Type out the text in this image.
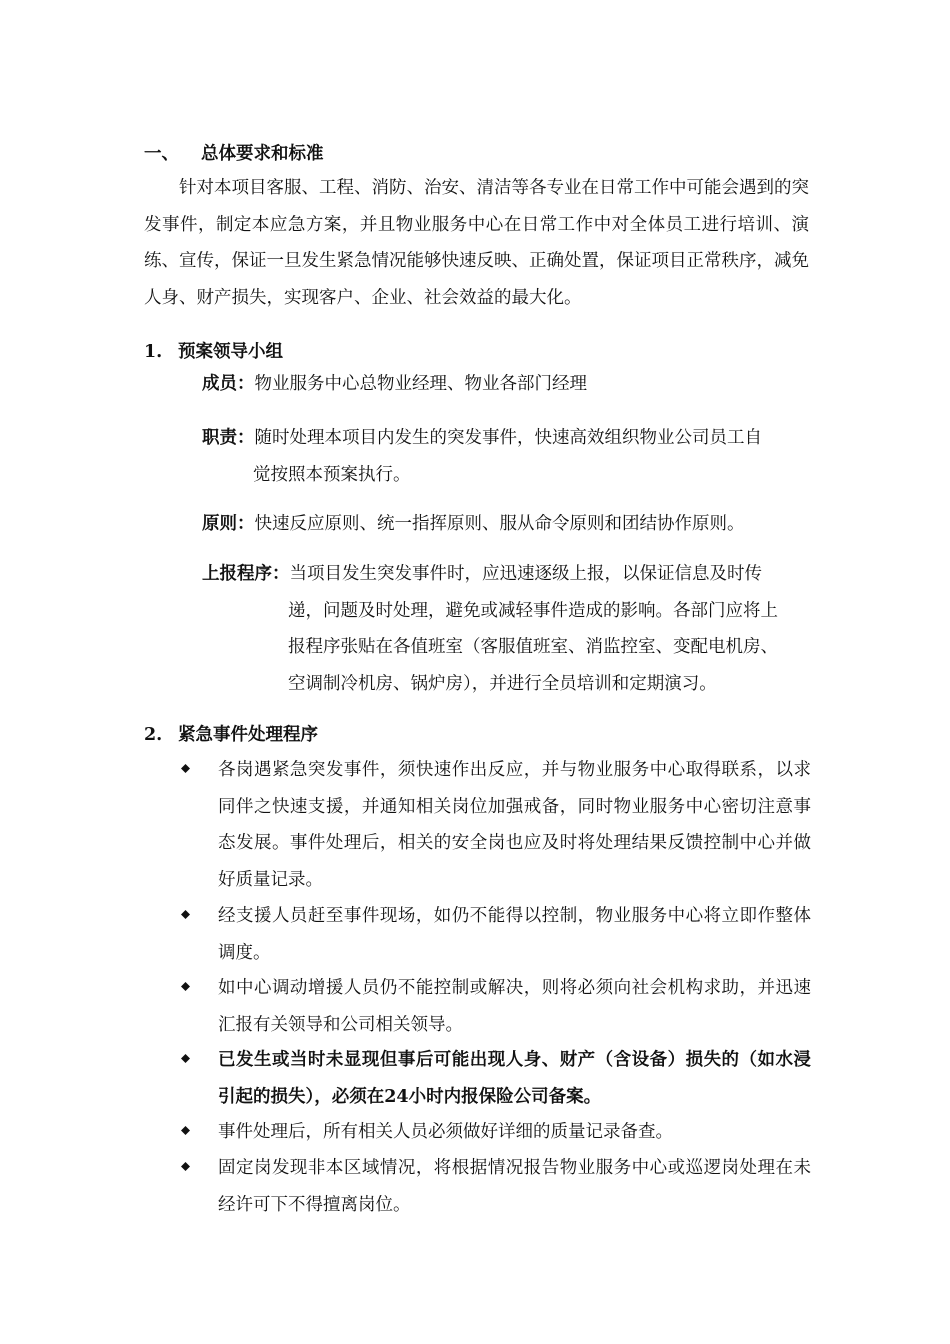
一、 总体要求和标准
针对本项目客服、工程、消防、治安、清洁等各专业在日常工作中可能会遇到的突发事件，制定本应急方案，并且物业服务中心在日常工作中对全体员工进行培训、演练、宣传，保证一旦发生紧急情况能够快速反映、正确处置，保证项目正常秩序，减免人身、财产损失，实现客户、企业、社会效益的最大化。
1. 预案领导小组
成员：物业服务中心总物业经理、物业各部门经理
职责：随时处理本项目内发生的突发事件，快速高效组织物业公司员工自
觉按照本预案执行。
原则：快速反应原则、统一指挥原则、服从命令原则和团结协作原则。
上报程序：当项目发生突发事件时，应迅速逐级上报，以保证信息及时传
递，问题及时处理，避免或减轻事件造成的影响。各部门应将上
报程序张贴在各值班室（客服值班室、消监控室、变配电机房、
空调制冷机房、锅炉房），并进行全员培训和定期演习。
2. 紧急事件处理程序
各岗遇紧急突发事件，须快速作出反应，并与物业服务中心取得联系，以求同伴之快速支援，并通知相关岗位加强戒备，同时物业服务中心密切注意事态发展。事件处理后，相关的安全岗也应及时将处理结果反馈控制中心并做好质量记录。
经支援人员赶至事件现场，如仍不能得以控制，物业服务中心将立即作整体调度。
如中心调动增援人员仍不能控制或解决，则将必须向社会机构求助，并迅速汇报有关领导和公司相关领导。
已发生或当时未显现但事后可能出现人身、财产（含设备）损失的（如水浸引起的损失），必须在24小时内报保险公司备案。
事件处理后，所有相关人员必须做好详细的质量记录备查。
固定岗发现非本区域情况，将根据情况报告物业服务中心或巡逻岗处理在未经许可下不得擅离岗位。
